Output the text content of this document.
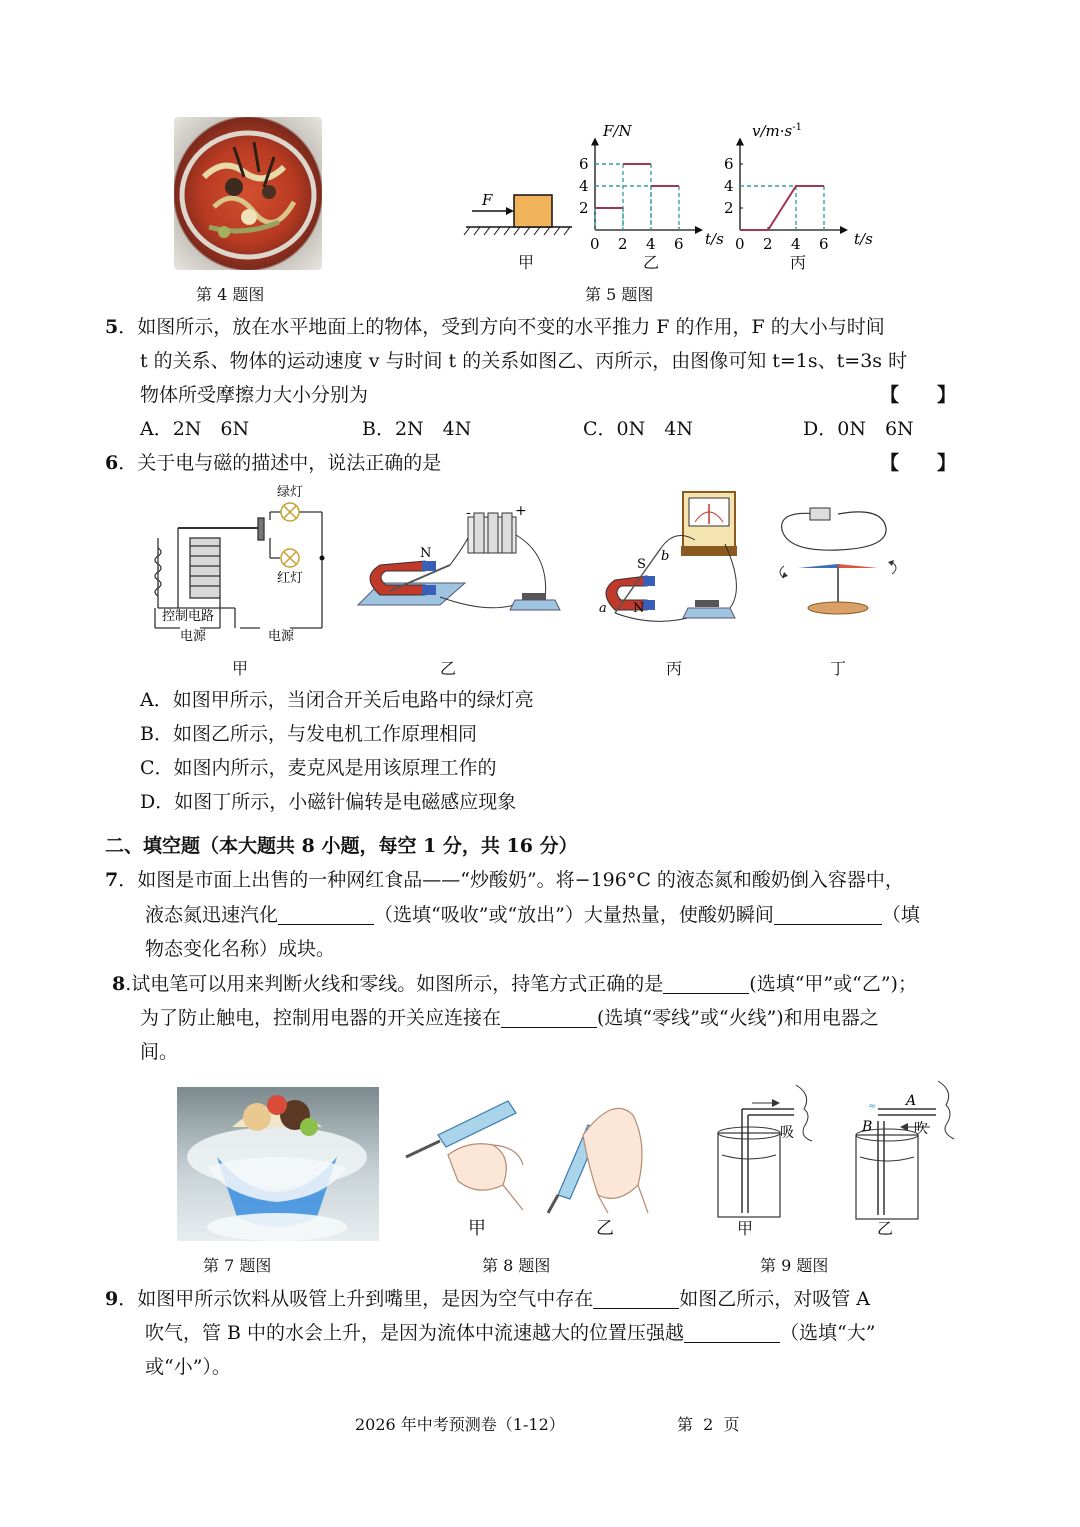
第 4 题图
F
甲
F/N
t/s
0 2 4 6
2
4
6
乙
$v/m\cdot s^{-1}$
t/s
0 2 4 6
2
4
6
丙
第 5 题图
5．如图所示，放在水平地面上的物体，受到方向不变的水平推力 F 的作用，F 的大小与时间
t 的关系、物体的运动速度 v 与时间 t 的关系如图乙、丙所示，由图像可知 t=1s、t=3s 时
物体所受摩擦力大小分别为	【　　】
A．2N　6N	B．2N　4N	C．0N　4N	D．0N　6N
6．关于电与磁的描述中，说法正确的是	【　　】
绿灯
红灯
控制电路
电源	电源
甲
N
-	+
乙
S
N
a
b
丙	丁
A．如图甲所示，当闭合开关后电路中的绿灯亮
B．如图乙所示，与发电机工作原理相同
C．如图内所示，麦克风是用该原理工作的
D．如图丁所示，小磁针偏转是电磁感应现象
二、填空题（本大题共 8 小题，每空 1 分，共 16 分）
7．如图是市面上出售的一种网红食品——“炒酸奶”。将−196°C 的液态氮和酸奶倒入容器中，
液态氮迅速汽化	（选填“吸收”或“放出”）大量热量，使酸奶瞬间	（填
物态变化名称）成块。
8.试电笔可以用来判断火线和零线。如图所示，持笔方式正确的是	(选填“甲”或“乙”)；
为了防止触电，控制用电器的开关应连接在	(选填“零线”或“火线”)和用电器之
间。
第 7 题图
甲	乙
第 8 题图
吸
≈ A
B	吹
甲	乙
第 9 题图
9．如图甲所示饮料从吸管上升到嘴里，是因为空气中存在	如图乙所示，对吸管 A
吹气，管 B 中的水会上升，是因为流体中流速越大的位置压强越	（选填“大”
或“小”）。
2026 年中考预测卷（1-12）	第  2  页
